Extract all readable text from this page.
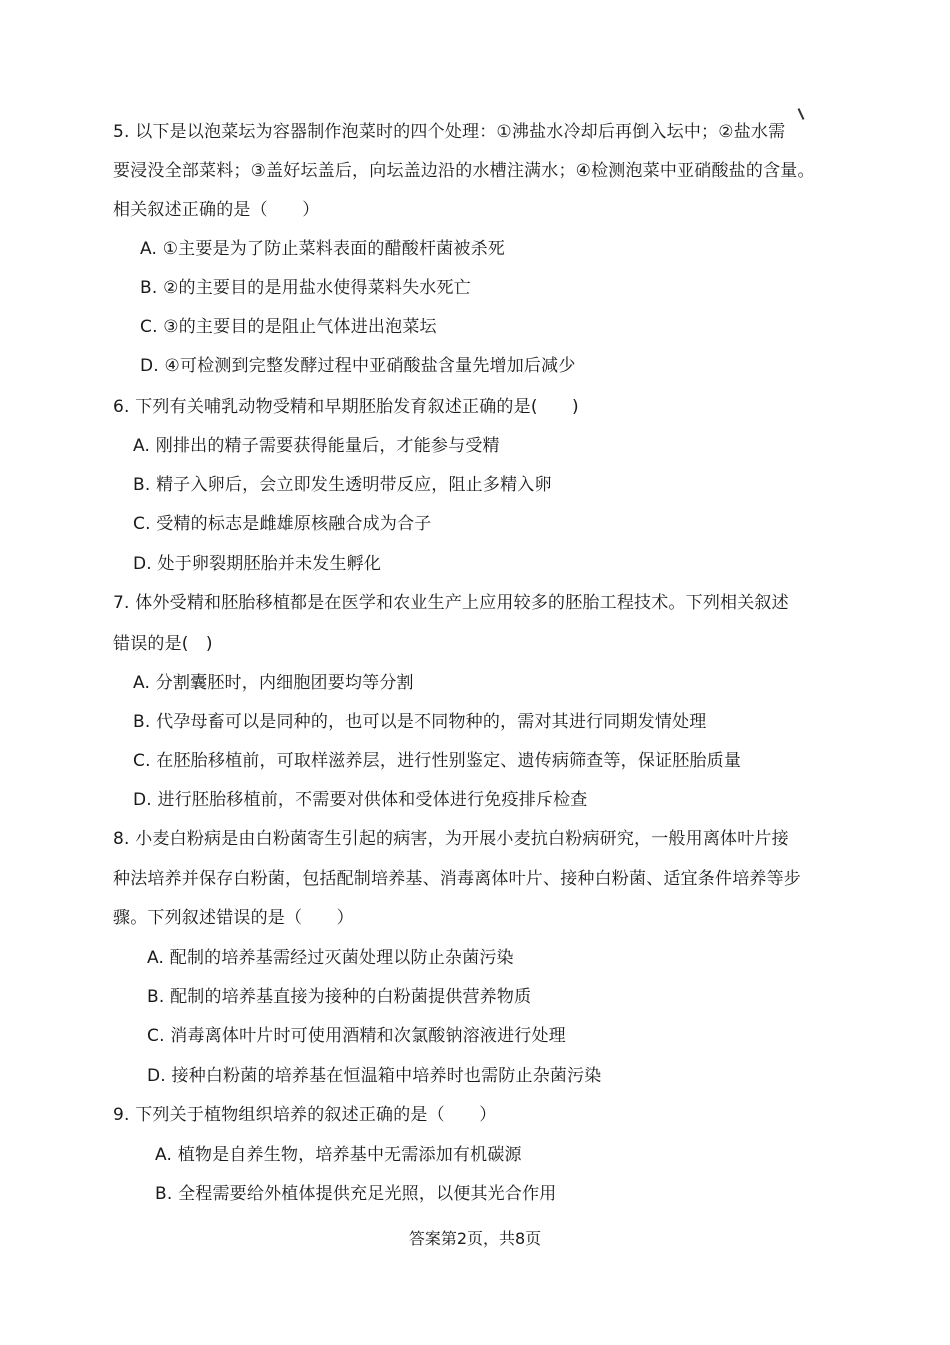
5. 以下是以泡菜坛为容器制作泡菜时的四个处理：①沸盐水冷却后再倒入坛中；②盐水需
要浸没全部菜料；③盖好坛盖后，向坛盖边沿的水槽注满水；④检测泡菜中亚硝酸盐的含量。
相关叙述正确的是（　　）
A. ①主要是为了防止菜料表面的醋酸杆菌被杀死
B. ②的主要目的是用盐水使得菜料失水死亡
C. ③的主要目的是阻止气体进出泡菜坛
D. ④可检测到完整发酵过程中亚硝酸盐含量先增加后减少
6. 下列有关哺乳动物受精和早期胚胎发育叙述正确的是(　　)
A. 刚排出的精子需要获得能量后，才能参与受精
B. 精子入卵后，会立即发生透明带反应，阻止多精入卵
C. 受精的标志是雌雄原核融合成为合子
D. 处于卵裂期胚胎并未发生孵化
7. 体外受精和胚胎移植都是在医学和农业生产上应用较多的胚胎工程技术。下列相关叙述
错误的是(　)
A. 分割囊胚时，内细胞团要均等分割
B. 代孕母畜可以是同种的，也可以是不同物种的，需对其进行同期发情处理
C. 在胚胎移植前，可取样滋养层，进行性别鉴定、遗传病筛查等，保证胚胎质量
D. 进行胚胎移植前，不需要对供体和受体进行免疫排斥检查
8. 小麦白粉病是由白粉菌寄生引起的病害，为开展小麦抗白粉病研究，一般用离体叶片接
种法培养并保存白粉菌，包括配制培养基、消毒离体叶片、接种白粉菌、适宜条件培养等步
骤。下列叙述错误的是（　　）
A. 配制的培养基需经过灭菌处理以防止杂菌污染
B. 配制的培养基直接为接种的白粉菌提供营养物质
C. 消毒离体叶片时可使用酒精和次氯酸钠溶液进行处理
D. 接种白粉菌的培养基在恒温箱中培养时也需防止杂菌污染
9. 下列关于植物组织培养的叙述正确的是（　　）
A. 植物是自养生物，培养基中无需添加有机碳源
B. 全程需要给外植体提供充足光照，以便其光合作用
答案第2页，共8页
